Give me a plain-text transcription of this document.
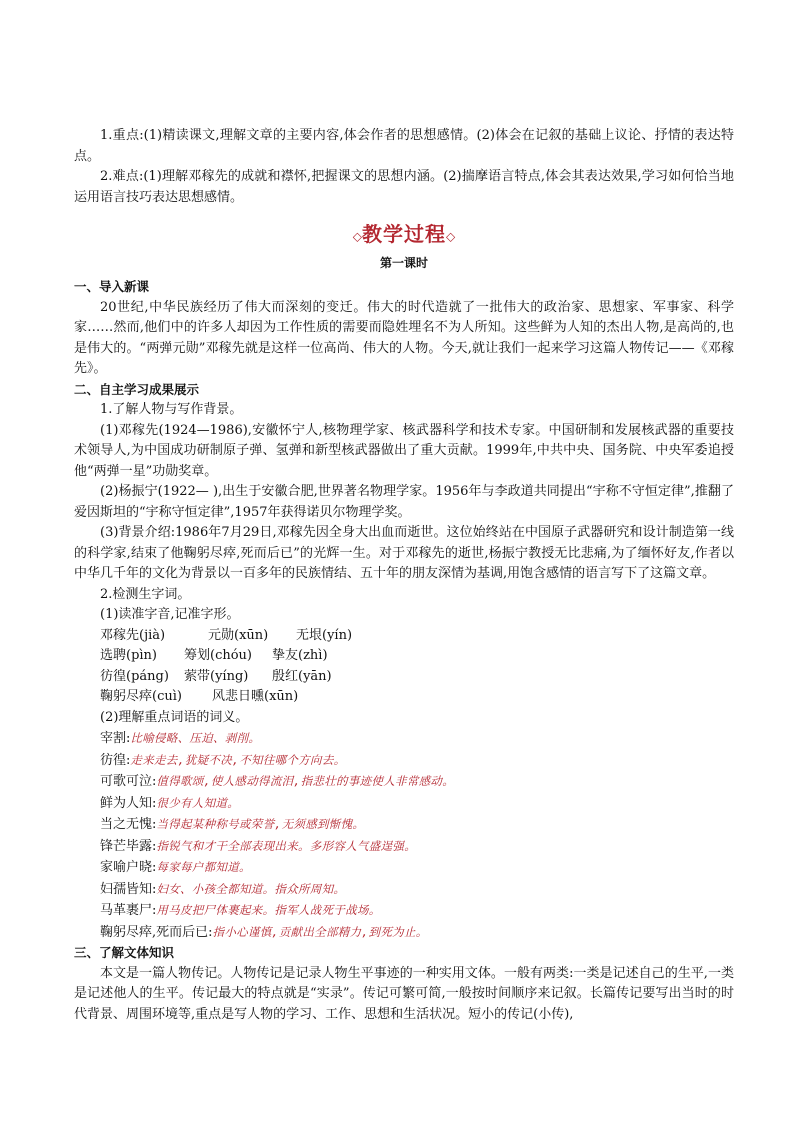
1.重点:(1)精读课文,理解文章的主要内容,体会作者的思想感情。(2)体会在记叙的基础上议论、抒情的表达特点。

2.难点:(1)理解邓稼先的成就和襟怀,把握课文的思想内涵。(2)揣摩语言特点,体会其表达效果,学习如何恰当地运用语言技巧表达思想感情。

◇教学过程◇
第一课时

一、导入新课

20世纪,中华民族经历了伟大而深刻的变迁。伟大的时代造就了一批伟大的政治家、思想家、军事家、科学家……然而,他们中的许多人却因为工作性质的需要而隐姓埋名不为人所知。这些鲜为人知的杰出人物,是高尚的,也是伟大的。“两弹元勋”邓稼先就是这样一位高尚、伟大的人物。今天,就让我们一起来学习这篇人物传记——《邓稼先》。

二、自主学习成果展示

1.了解人物与写作背景。

(1)邓稼先(1924—1986),安徽怀宁人,核物理学家、核武器科学和技术专家。中国研制和发展核武器的重要技术领导人,为中国成功研制原子弹、氢弹和新型核武器做出了重大贡献。1999年,中共中央、国务院、中央军委追授他“两弹一星”功勋奖章。

(2)杨振宁(1922— ),出生于安徽合肥,世界著名物理学家。1956年与李政道共同提出“宇称不守恒定律”,推翻了爱因斯坦的“宇称守恒定律”,1957年获得诺贝尔物理学奖。

(3)背景介绍:1986年7月29日,邓稼先因全身大出血而逝世。这位始终站在中国原子武器研究和设计制造第一线的科学家,结束了他鞠躬尽瘁,死而后已”的光辉一生。对于邓稼先的逝世,杨振宁教授无比悲痛,为了缅怀好友,作者以中华几千年的文化为背景以一百多年的民族情结、五十年的朋友深情为基调,用饱含感情的语言写下了这篇文章。

2.检测生字词。

(1)读准字音,记准字形。

邓稼先(jià)	元勋(xūn) 无垠(yín)

选聘(pìn) 筹划(chóu) 挚友(zhì)

彷徨(páng) 萦带(yíng) 殷红(yān)

鞠躬尽瘁(cuì) 风悲日曛(xūn)

(2)理解重点词语的词义。

宰割:比喻侵略、压迫、剥削。

彷徨:走来走去,犹疑不决,不知往哪个方向去。

可歌可泣:值得歌颂,使人感动得流泪,指悲壮的事迹使人非常感动。

鲜为人知:很少有人知道。

当之无愧:当得起某种称号或荣誉,无须感到惭愧。

锋芒毕露:指锐气和才干全部表现出来。多形容人气盛逞强。

家喻户晓:每家每户都知道。

妇孺皆知:妇女、小孩全都知道。指众所周知。

马革裹尸:用马皮把尸体裹起来。指军人战死于战场。

鞠躬尽瘁,死而后已:指小心谨慎,贡献出全部精力,到死为止。

三、了解文体知识

本文是一篇人物传记。人物传记是记录人物生平事迹的一种实用文体。一般有两类:一类是记述自己的生平,一类是记述他人的生平。传记最大的特点就是“实录”。传记可繁可简,一般按时间顺序来记叙。长篇传记要写出当时的时代背景、周围环境等,重点是写人物的学习、工作、思想和生活状况。短小的传记(小传),
